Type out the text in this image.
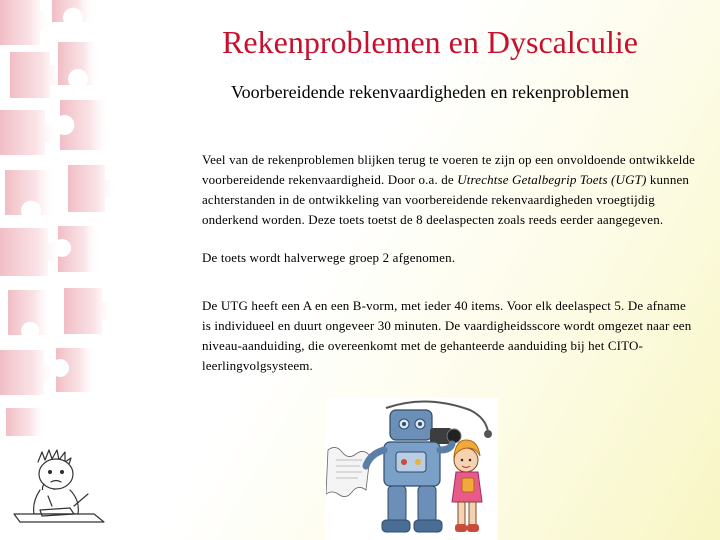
Rekenproblemen en Dyscalculie
Voorbereidende rekenvaardigheden en rekenproblemen

Veel van de rekenproblemen blijken terug te voeren te zijn op een onvoldoende ontwikkelde voorbereidende rekenvaardigheid. Door o.a. de Utrechtse Getalbegrip Toets (UGT) kunnen achterstanden in de ontwikkeling van voorbereidende rekenvaardigheden vroegtijdig onderkend worden. Deze toets toetst de 8 deelaspecten zoals reeds eerder aangegeven.

De toets wordt halverwege groep 2 afgenomen.

De UTG heeft een A en een B-vorm, met ieder 40 items. Voor elk deelaspect 5. De afname is individueel en duurt ongeveer 30 minuten. De vaardigheidsscore wordt omgezet naar een niveau-aanduiding, die overeenkomt met de gehanteerde aanduiding bij het CITO-leerlingvolgsysteem.
